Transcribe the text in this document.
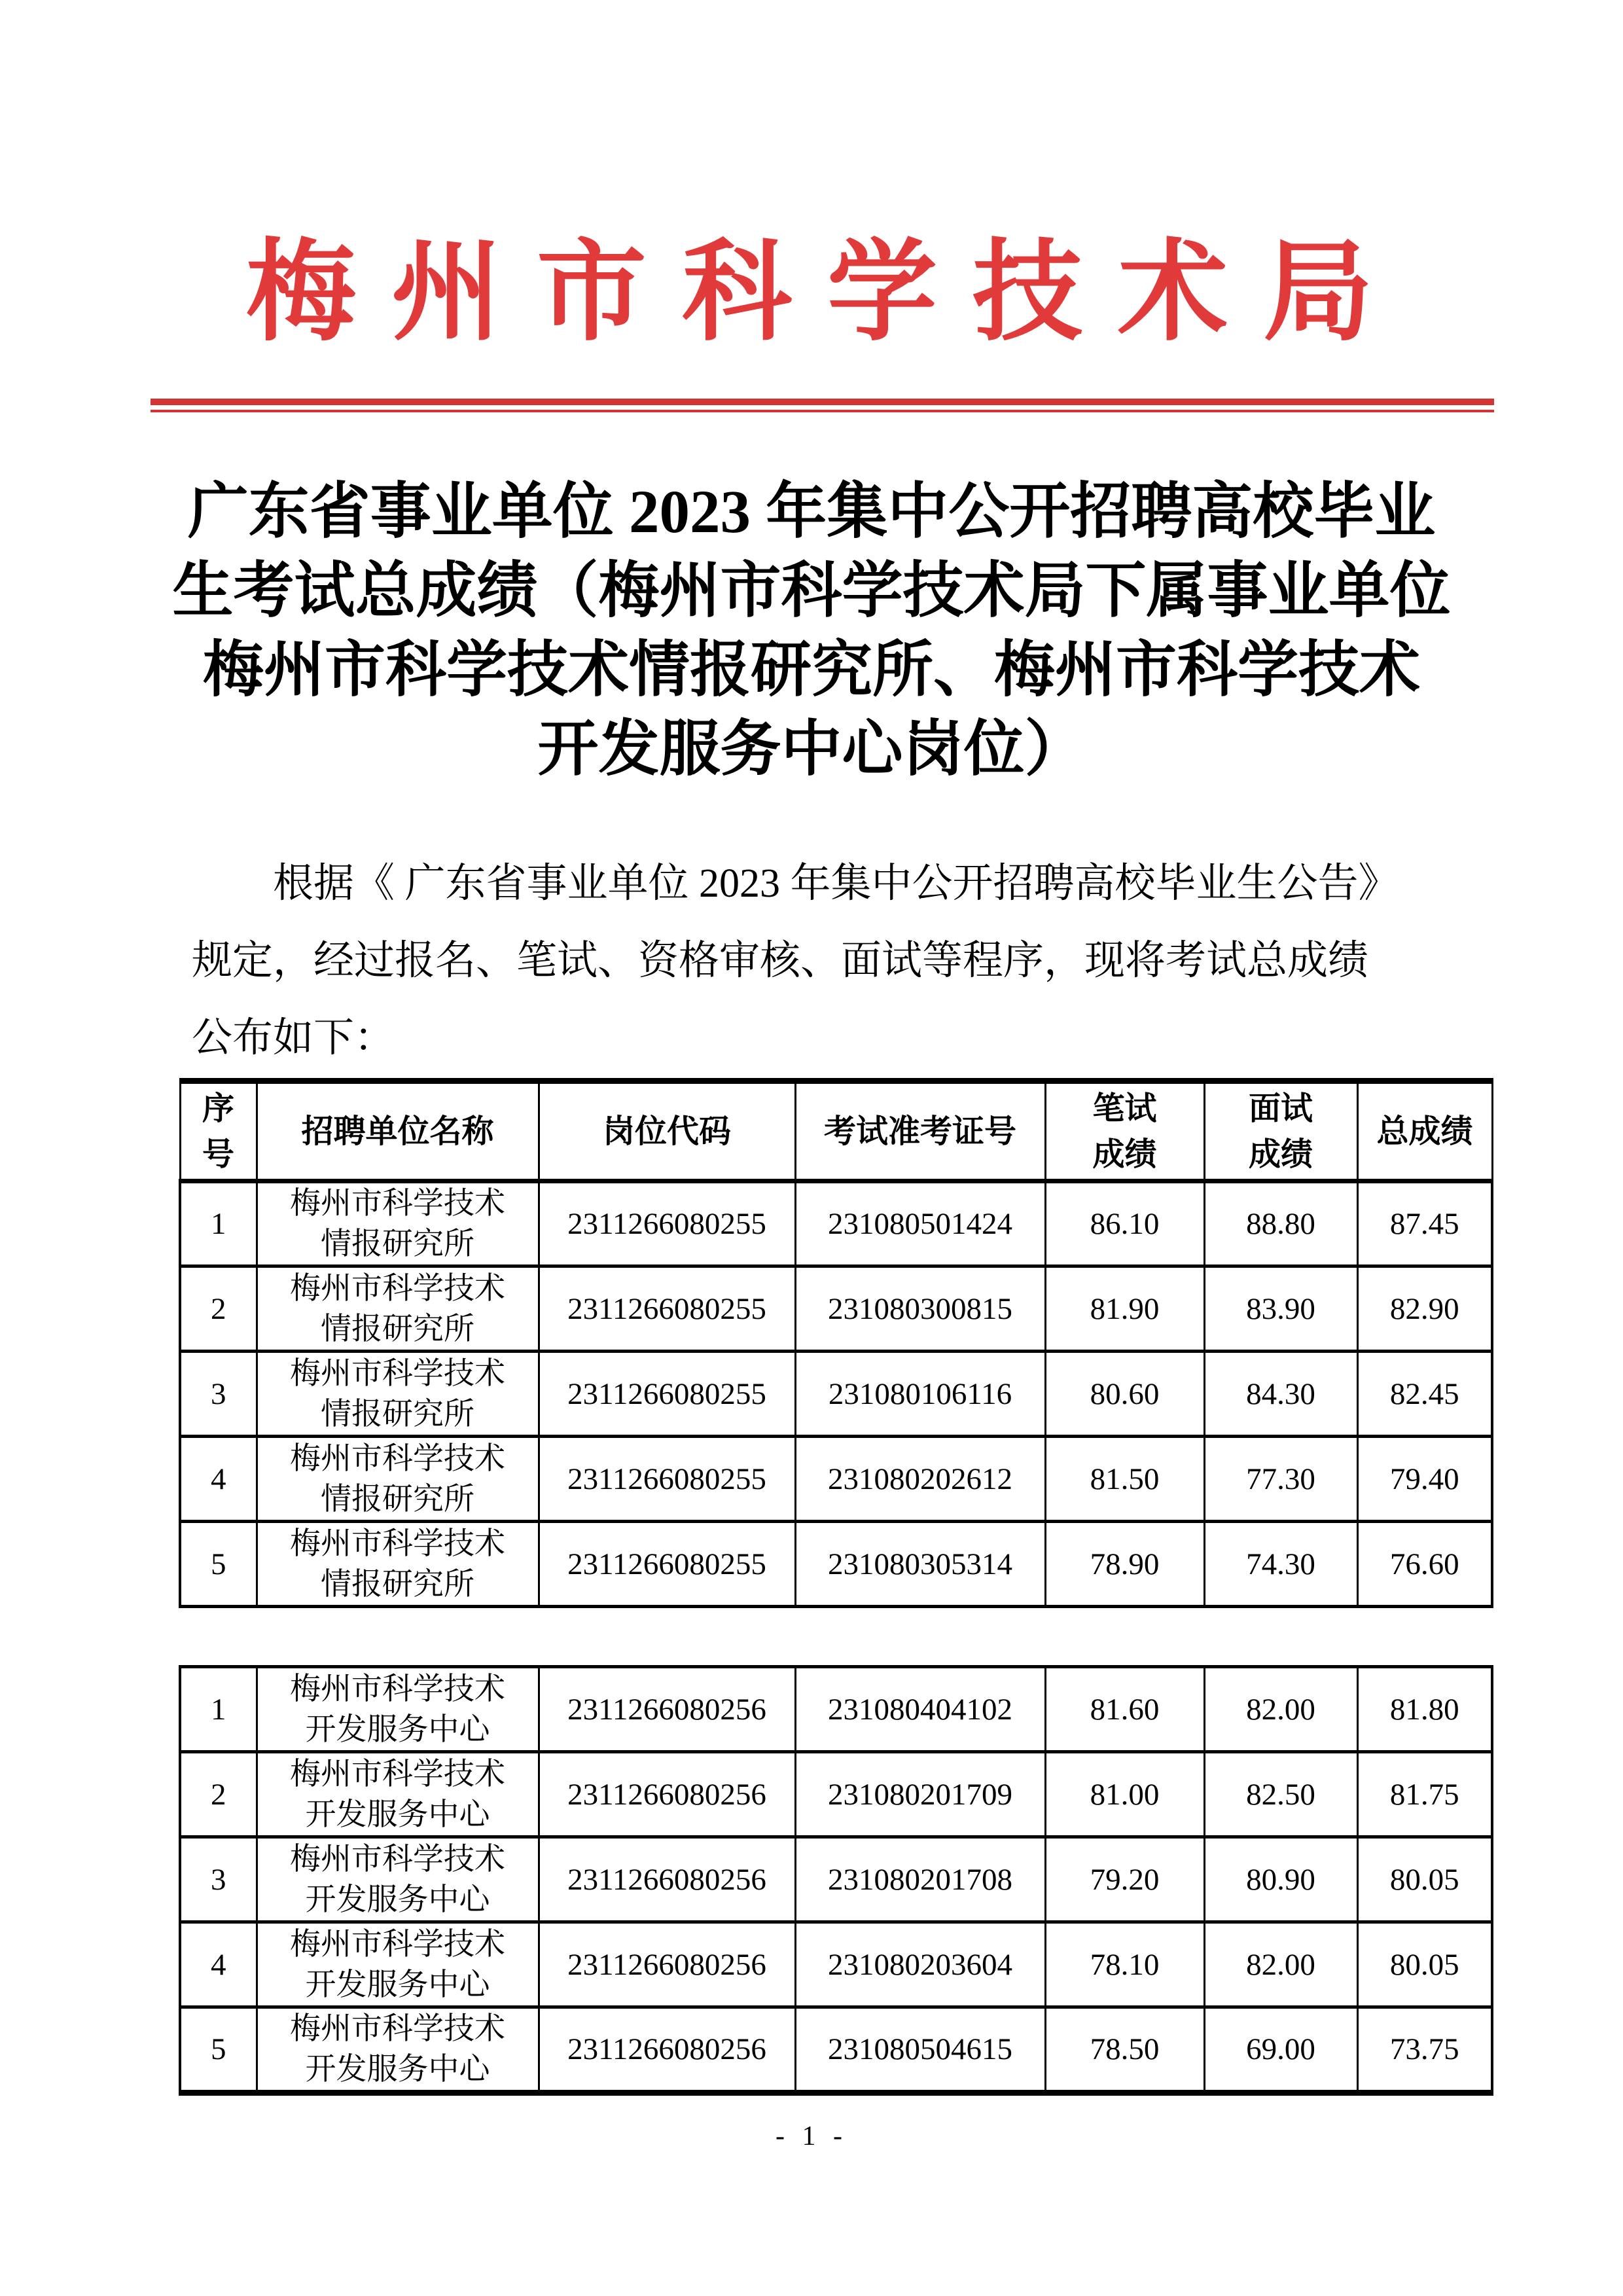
梅 州 市 科 学 技 术 局
广东省事业单位 2023 年集中公开招聘高校毕业
生考试总成绩（梅州市科学技术局下属事业单位
梅州市科学技术情报研究所、梅州市科学技术
开发服务中心岗位）
根据《 广东省事业单位 2023 年集中公开招聘高校毕业生公告》
规定，经过报名、笔试、资格审核、面试等程序，现将考试总成绩
公布如下：
序
号	招聘单位名称	岗位代码	考试准考证号	笔试
成绩	面试
成绩	总成绩
1	梅州市科学技术
情报研究所	2311266080255	231080501424	86.10	88.80	87.45
2	梅州市科学技术
情报研究所	2311266080255	231080300815	81.90	83.90	82.90
3	梅州市科学技术
情报研究所	2311266080255	231080106116	80.60	84.30	82.45
4	梅州市科学技术
情报研究所	2311266080255	231080202612	81.50	77.30	79.40
5	梅州市科学技术
情报研究所	2311266080255	231080305314	78.90	74.30	76.60

1	梅州市科学技术
开发服务中心	2311266080256	231080404102	81.60	82.00	81.80
2	梅州市科学技术
开发服务中心	2311266080256	231080201709	81.00	82.50	81.75
3	梅州市科学技术
开发服务中心	2311266080256	231080201708	79.20	80.90	80.05
4	梅州市科学技术
开发服务中心	2311266080256	231080203604	78.10	82.00	80.05
5	梅州市科学技术
开发服务中心	2311266080256	231080504615	78.50	69.00	73.75
- 1 -
